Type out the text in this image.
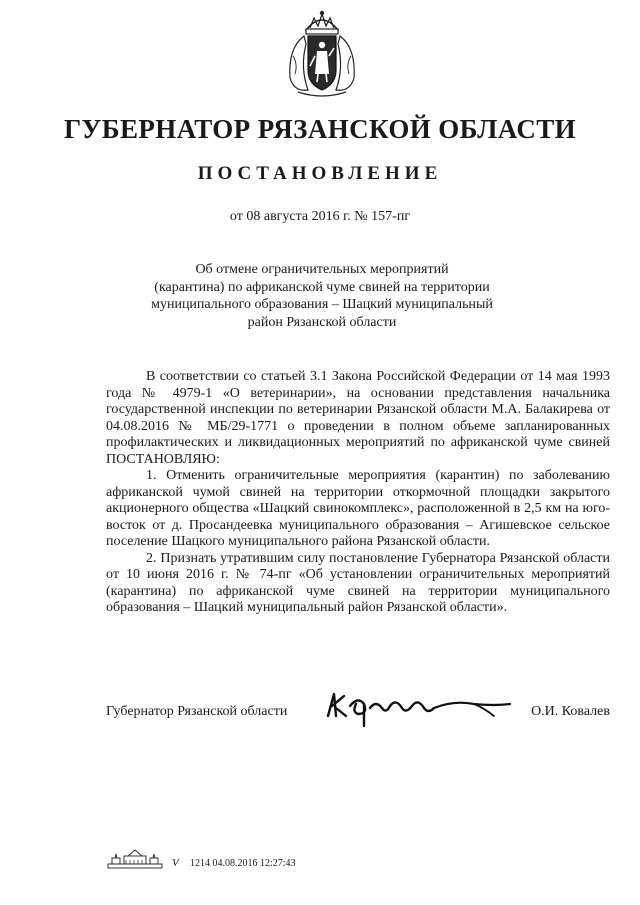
ГУБЕРНАТОР РЯЗАНСКОЙ ОБЛАСТИ
ПОСТАНОВЛЕНИЕ
от 08 августа 2016 г. № 157-пг
Об отмене ограничительных мероприятий
(карантина) по африканской чуме свиней на территории
муниципального образования – Шацкий муниципальный
район Рязанской области

В соответствии со статьей 3.1 Закона Российской Федерации от 14 мая 1993 года № 4979-1 «О ветеринарии», на основании представления начальника государственной инспекции по ветеринарии Рязанской области М.А. Балакирева от 04.08.2016 № МБ/29-1771 о проведении в полном объеме запланированных профилактических и ликвидационных мероприятий по африканской чуме свиней ПОСТАНОВЛЯЮ:

1. Отменить ограничительные мероприятия (карантин) по заболеванию африканской чумой свиней на территории откормочной площадки закрытого акционерного общества «Шацкий свинокомплекс», расположенной в 2,5 км на юго-восток от д. Просандеевка муниципального образования – Агишевское сельское поселение Шацкого муниципального района Рязанской области.

2. Признать утратившим силу постановление Губернатора Рязанской области от 10 июня 2016 г. № 74-пг «Об установлении ограничительных мероприятий (карантина) по африканской чуме свиней на территории муниципального образования – Шацкий муниципальный район Рязанской области».

Губернатор Рязанской области	О.И. Ковалев
V 1214 04.08.2016 12:27:43
